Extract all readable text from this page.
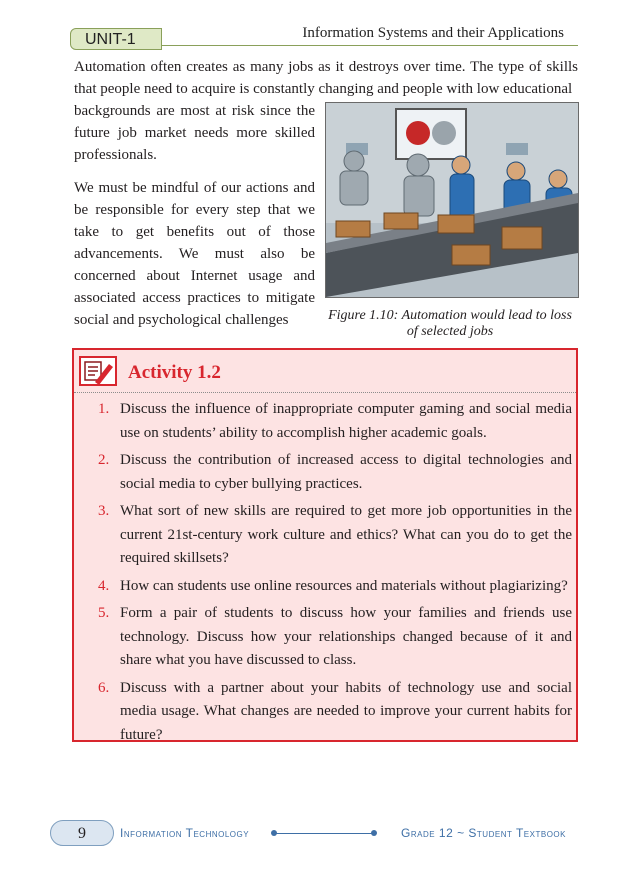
UNIT-1	Information Systems and their Applications
Automation often creates as many jobs as it destroys over time. The type of skills that people need to acquire is constantly changing and people with low educational
backgrounds are most at risk since the future job market needs more skilled professionals.
We must be mindful of our actions and be responsible for every step that we take to get benefits out of those advancements. We must also be concerned about Internet usage and associated access practices to mitigate social and psychological challenges	Figure 1.10: Automation would lead to loss of selected jobs
Activity 1.2
1. Discuss the influence of inappropriate computer gaming and social media use on students’ ability to accomplish higher academic goals.
2. Discuss the contribution of increased access to digital technologies and social media to cyber bullying practices.
3. What sort of new skills are required to get more job opportunities in the current 21st-century work culture and ethics? What can you do to get the required skillsets?
4. How can students use online resources and materials without plagiarizing?
5. Form a pair of students to discuss how your families and friends use technology. Discuss how your relationships changed because of it and share what you have discussed to class.
6. Discuss with a partner about your habits of technology use and social media usage. What changes are needed to improve your current habits for future?
9	Information Technology	Grade 12 ~ Student Textbook
